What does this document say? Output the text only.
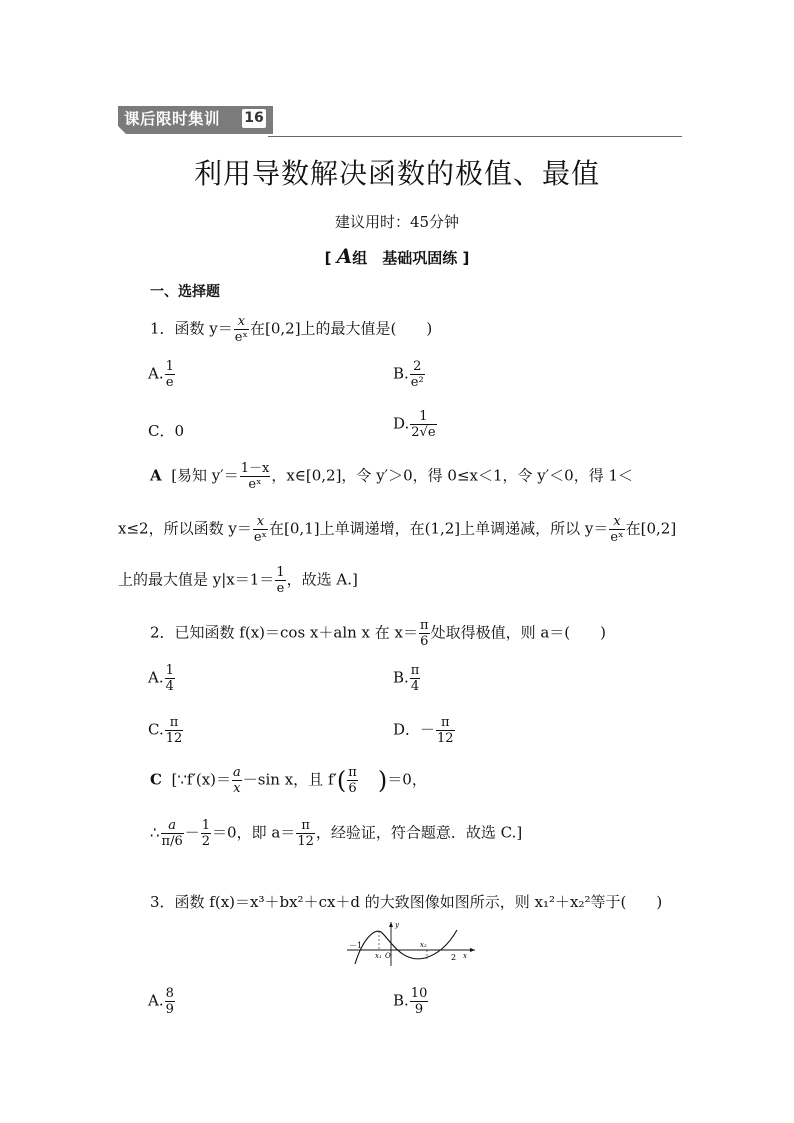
课后限时集训 16
利用导数解决函数的极值、最值
建议用时：45分钟
[ A组　基础巩固练 ]
一、选择题
1．函数 $y= \frac{x}{\text{eˣ}}$ 在[0,2]上的最大值是(　　)
A. $\frac{1}{e}$	B. $\frac{2}{\text{e²}}$
C．0	D. $\frac{1}{2√e}$
A [易知 $y'= \frac{1-x}{\text{eˣ}}$ ，x∈[0,2]，令 y′＞0，得 0≤x＜1，令 y′＜0，得 1＜
x≤2，所以函数 $y= \frac{x}{\text{eˣ}}$ 在[0,1]上单调递增，在(1,2]上单调递减，所以 $y= \frac{x}{\text{eˣ}}$ 在[0,2]
上的最大值是 $y|x=1= \frac{1}{e}$ ，故选 A.]
2．已知函数 f(x)＝cos x＋aln x 在 $x= \frac{\pi}{6}$ 处取得极值，则 a＝(　　)
A. $\frac{1}{4}$	B. $\frac{\pi}{4}$
C. $\frac{\pi}{12}$	D．－ $\frac{\pi}{12}$
C [∵f′(x)＝ $\frac{a}{x} -\sin$ x，且 $f'( \frac{\pi}{6} )=0$，
∴ $\frac{a}{\pi/6} - \frac{1}{2} =0$，即 $a= \frac{\pi}{12}$ ，经验证，符合题意．故选 C.]
3．函数 f(x)＝x³＋bx²＋cx＋d 的大致图像如图所示，则 x₁²＋x₂²等于(　　)
－1
x₁ O
x₂
2 x
y
A. $\frac{8}{9}$	B. $\frac{10}{9}$
